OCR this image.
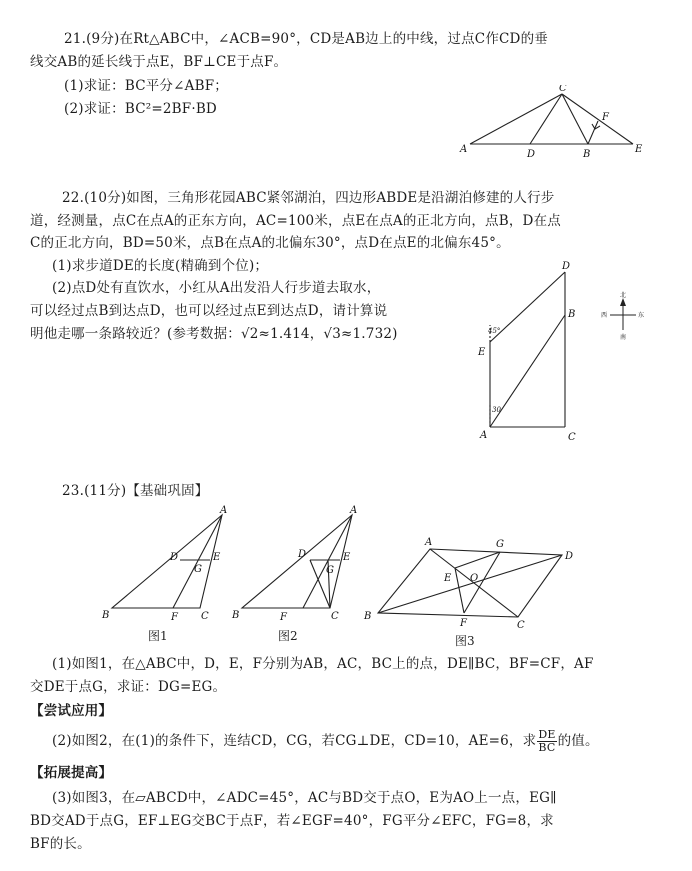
21.(9分)在Rt△ABC中，∠ACB=90°，CD是AB边上的中线，过点C作CD的垂
线交AB的延长线于点E，BF⊥CE于点F。
(1)求证：BC平分∠ABF；
(2)求证：BC²=2BF·BD
A	D	B	E
C
F
22.(10分)如图，三角形花园ABC紧邻湖泊，四边形ABDE是沿湖泊修建的人行步
道，经测量，点C在点A的正东方向，AC=100米，点E在点A的正北方向，点B，D在点
C的正北方向，BD=50米，点B在点A的北偏东30°，点D在点E的北偏东45°。
(1)求步道DE的长度(精确到个位)；
(2)点D处有直饮水，小红从A出发沿人行步道去取水，
可以经过点B到达点D，也可以经过点E到达点D，请计算说
明他走哪一条路较近？(参考数据：√2≈1.414，√3≈1.732)	45°
30
A	C
E
B
D
北
南
西	东
23.(11分)【基础巩固】
A
B	C
D	E
G
F
图1
A
B	C
D	E
G
F
图2
A	G
D
B
C
E O
F
图3
(1)如图1，在△ABC中，D，E，F分别为AB，AC，BC上的点，DE∥BC，BF=CF，AF
交DE于点G，求证：DG=EG。
【尝试应用】
(2)如图2，在(1)的条件下，连结CD，CG，若CG⊥DE，CD=10，AE=6，求 $\frac{DE}{BC}$ 的值。
【拓展提高】
(3)如图3，在▱ABCD中，∠ADC=45°，AC与BD交于点O，E为AO上一点，EG∥
BD交AD于点G，EF⊥EG交BC于点F，若∠EGF=40°，FG平分∠EFC，FG=8，求
BF的长。
